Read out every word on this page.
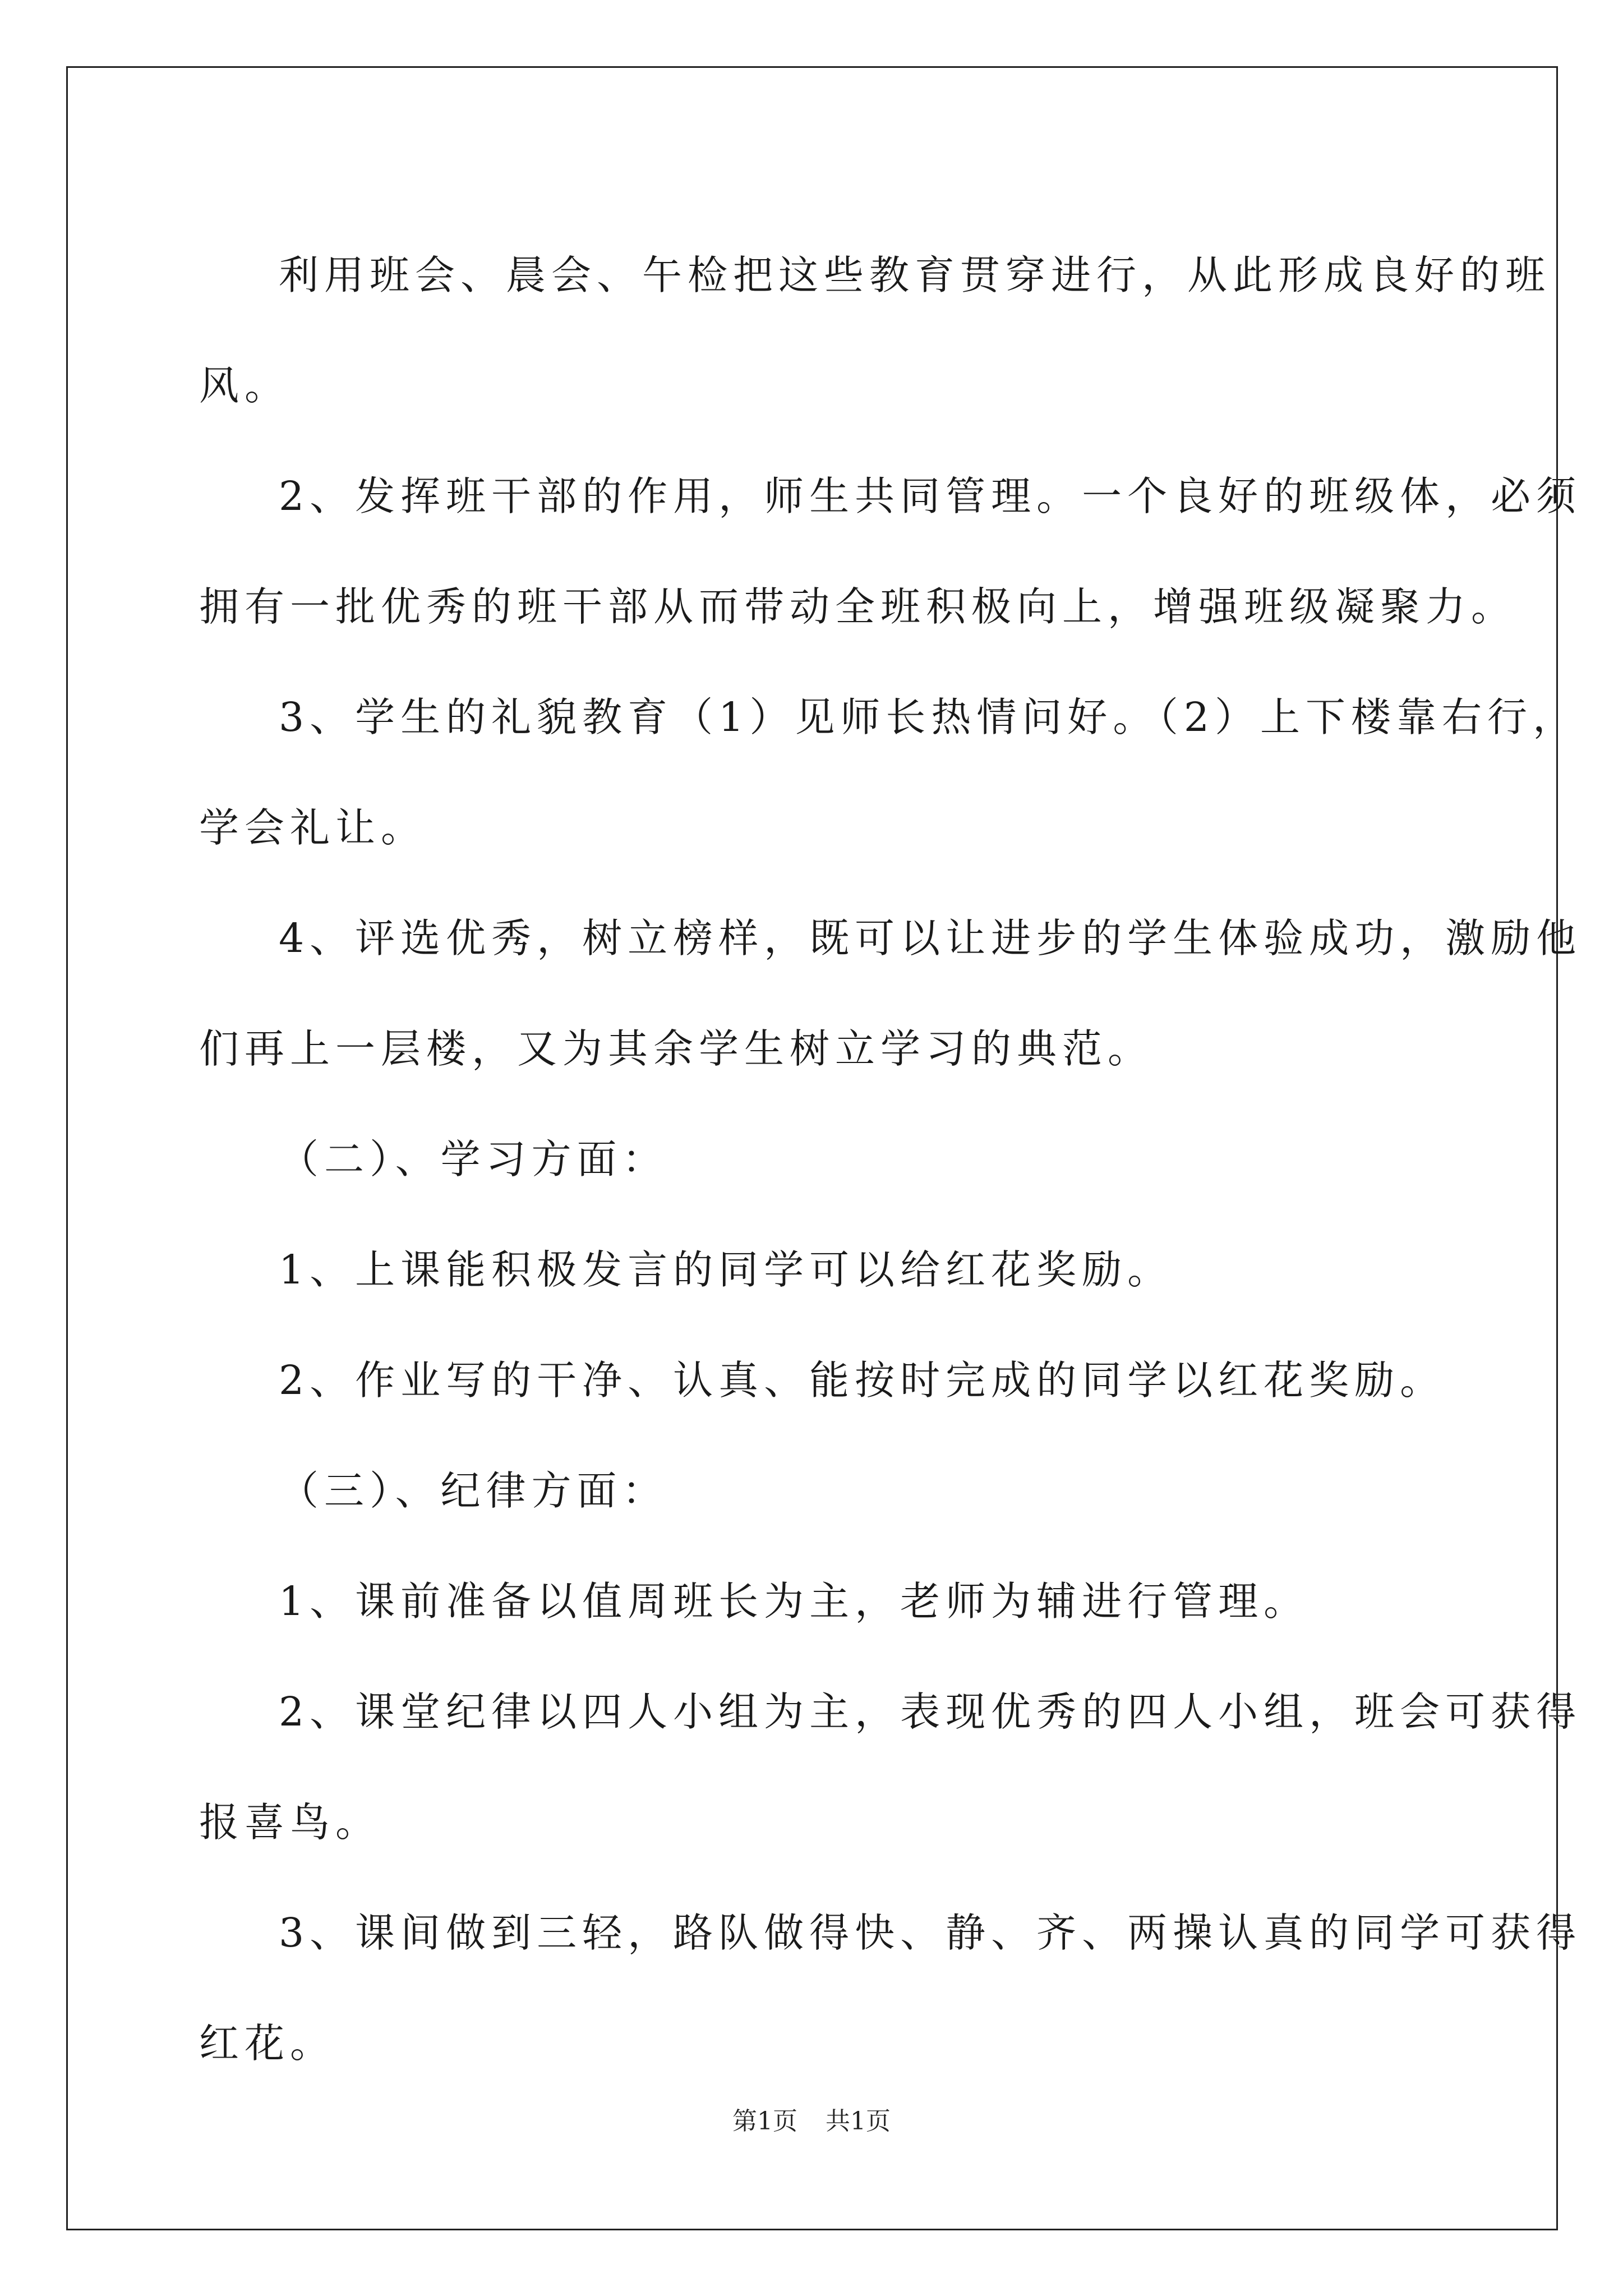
利用班会、晨会、午检把这些教育贯穿进行，从此形成良好的班

风。

2、发挥班干部的作用，师生共同管理。一个良好的班级体，必须

拥有一批优秀的班干部从而带动全班积极向上，增强班级凝聚力。

3、学生的礼貌教育（1）见师长热情问好。（2）上下楼靠右行，

学会礼让。

4、评选优秀，树立榜样，既可以让进步的学生体验成功，激励他

们再上一层楼，又为其余学生树立学习的典范。

（二）、学习方面：

1、上课能积极发言的同学可以给红花奖励。

2、作业写的干净、认真、能按时完成的同学以红花奖励。

（三）、纪律方面：

1、课前准备以值周班长为主，老师为辅进行管理。

2、课堂纪律以四人小组为主，表现优秀的四人小组，班会可获得

报喜鸟。

3、课间做到三轻，路队做得快、静、齐、两操认真的同学可获得

红花。

第1页 共1页
